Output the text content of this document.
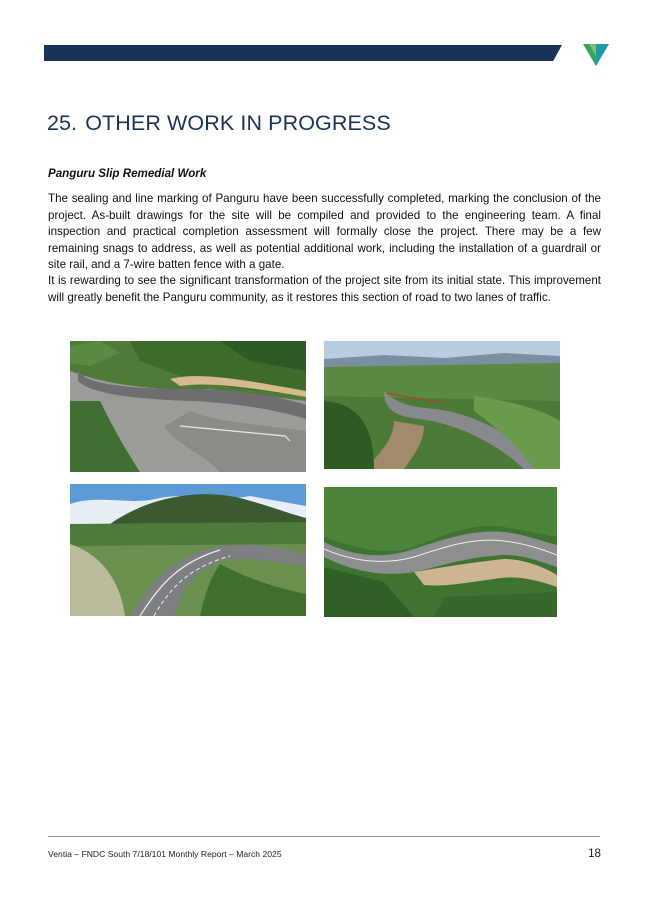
25. OTHER WORK IN PROGRESS
Panguru Slip Remedial Work

The sealing and line marking of Panguru have been successfully completed, marking the conclusion of the project. As-built drawings for the site will be compiled and provided to the engineering team. A final inspection and practical completion assessment will formally close the project. There may be a few remaining snags to address, as well as potential additional work, including the installation of a guardrail or site rail, and a 7-wire batten fence with a gate.

It is rewarding to see the significant transformation of the project site from its initial state. This improvement will greatly benefit the Panguru community, as it restores this section of road to two lanes of traffic.

Ventia – FNDC South 7/18/101 Monthly Report – March 2025	18
